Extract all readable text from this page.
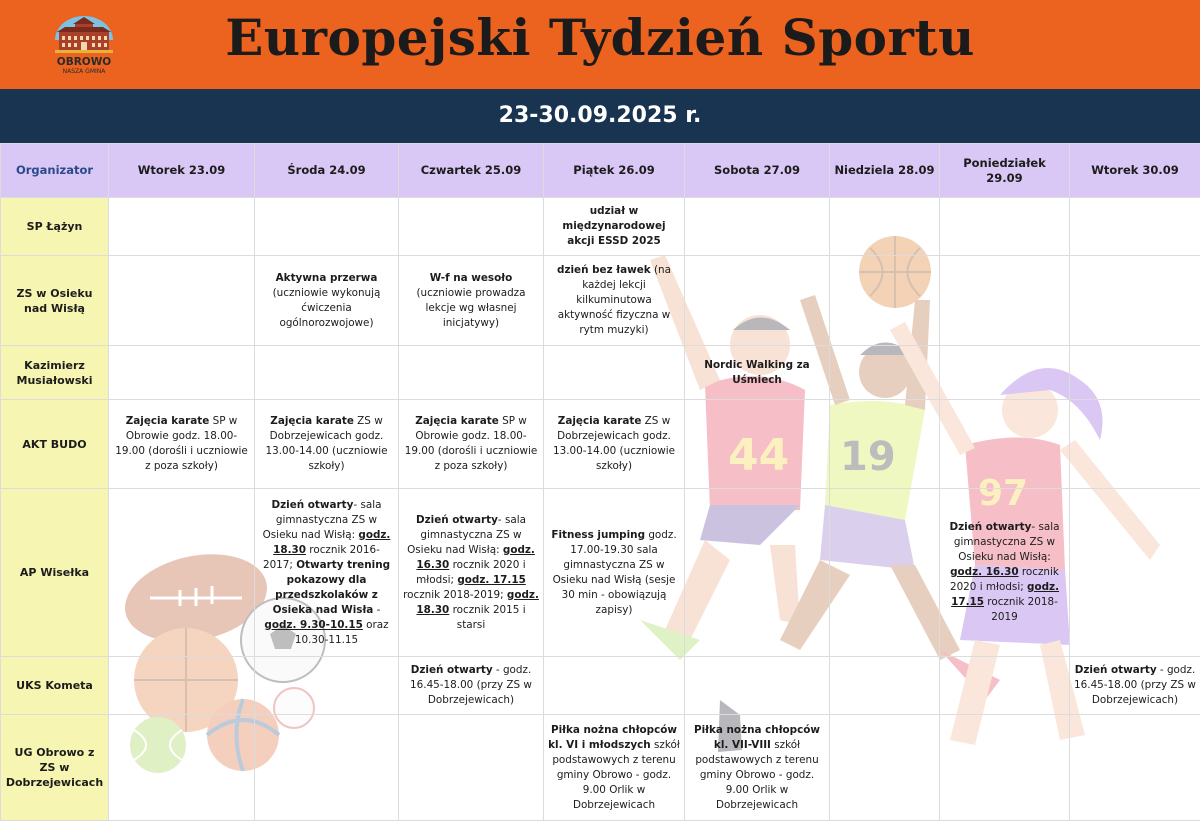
OBROWO
NASZA GMINA
Europejski Tydzień Sportu
23-30.09.2025 r.
44 19
97
Organizator	Wtorek 23.09	Środa 24.09	Czwartek 25.09	Piątek 26.09	Sobota 27.09	Niedziela 28.09	Poniedziałek 29.09	Wtorek 30.09
SP Łążyn				udział w międzynarodowej akcji ESSD 2025				
ZS w Osieku nad Wisłą		Aktywna przerwa (uczniowie wykonują ćwiczenia ogólnorozwojowe)	W-f na wesoło (uczniowie prowadza lekcje wg własnej inicjatywy)	dzień bez ławek (na każdej lekcji kilkuminutowa aktywność fizyczna w rytm muzyki)				
Kazimierz Musiałowski					Nordic Walking za Uśmiech			
AKT BUDO	Zajęcia karate SP w Obrowie godz. 18.00-19.00 (dorośli i uczniowie z poza szkoły)	Zajęcia karate ZS w Dobrzejewicach godz. 13.00-14.00 (uczniowie szkoły)	Zajęcia karate SP w Obrowie godz. 18.00-19.00 (dorośli i uczniowie z poza szkoły)	Zajęcia karate ZS w Dobrzejewicach godz. 13.00-14.00 (uczniowie szkoły)				
AP Wisełka		Dzień otwarty- sala gimnastyczna ZS w Osieku nad Wisłą: godz. 18.30 rocznik 2016-2017; Otwarty trening pokazowy dla przedszkolaków z Osieka nad Wisła - godz. 9.30-10.15 oraz 10.30-11.15	Dzień otwarty- sala gimnastyczna ZS w Osieku nad Wisłą: godz. 16.30 rocznik 2020 i młodsi; godz. 17.15 rocznik 2018-2019; godz. 18.30 rocznik 2015 i starsi	Fitness jumping godz. 17.00-19.30 sala gimnastyczna ZS w Osieku nad Wisłą (sesje 30 min - obowiązują zapisy)			Dzień otwarty- sala gimnastyczna ZS w Osieku nad Wisłą: godz. 16.30 rocznik 2020 i młodsi; godz. 17.15 rocznik 2018-2019	
UKS Kometa			Dzień otwarty - godz. 16.45-18.00 (przy ZS w Dobrzejewicach)					Dzień otwarty - godz. 16.45-18.00 (przy ZS w Dobrzejewicach)
UG Obrowo z ZS w Dobrzejewicach				Piłka nożna chłopców kl. VI i młodszych szkół podstawowych z terenu gminy Obrowo - godz. 9.00 Orlik w Dobrzejewicach	Piłka nożna chłopców kl. VII-VIII szkół podstawowych z terenu gminy Obrowo - godz. 9.00 Orlik w Dobrzejewicach			
